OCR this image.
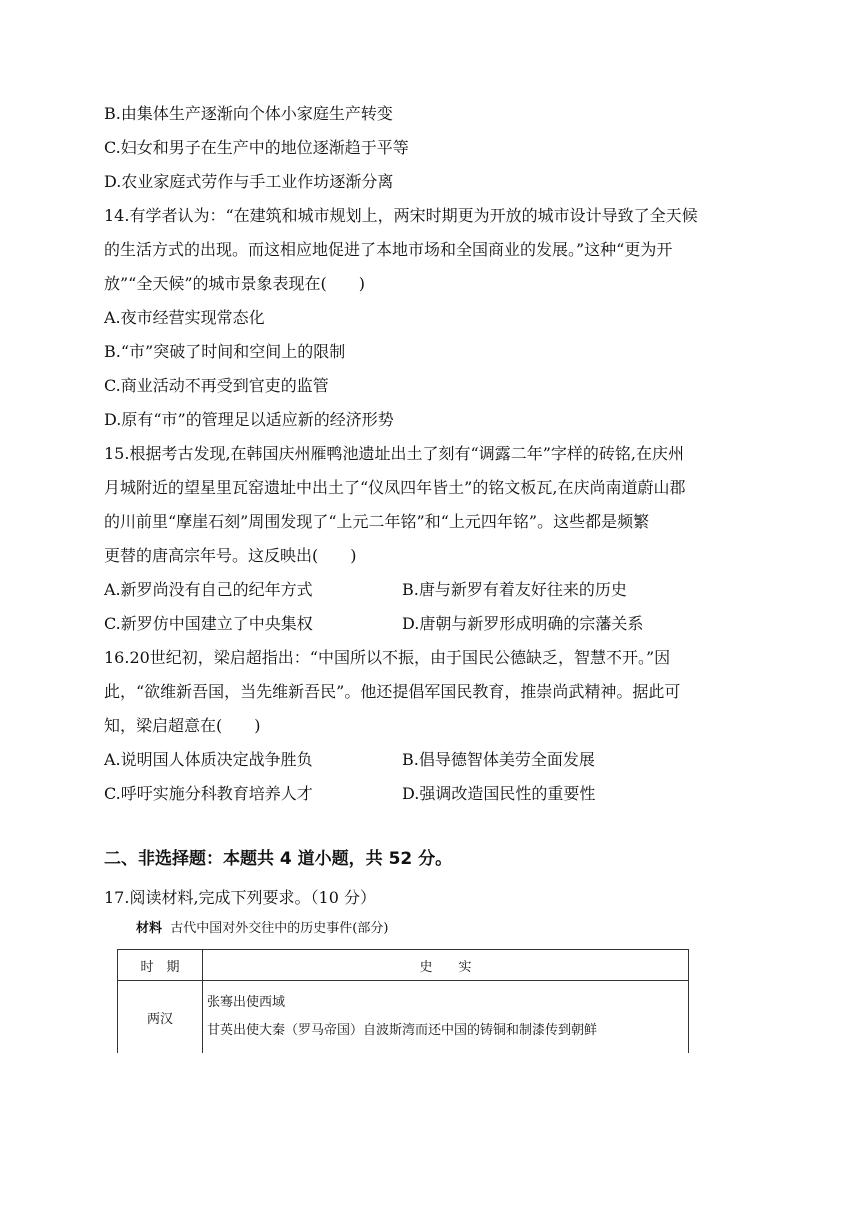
B.由集体生产逐渐向个体小家庭生产转变
C.妇女和男子在生产中的地位逐渐趋于平等
D.农业家庭式劳作与手工业作坊逐渐分离
14.有学者认为：“在建筑和城市规划上，两宋时期更为开放的城市设计导致了全天候
的生活方式的出现。而这相应地促进了本地市场和全国商业的发展。”这种“更为开
放”“全天候”的城市景象表现在(　　)
A.夜市经营实现常态化
B.“市”突破了时间和空间上的限制
C.商业活动不再受到官吏的监管
D.原有“市”的管理足以适应新的经济形势
15.根据考古发现,在韩国庆州雁鸭池遗址出土了刻有“调露二年”字样的砖铭,在庆州
月城附近的望星里瓦窑遗址中出土了“仪凤四年皆土”的铭文板瓦,在庆尚南道蔚山郡
的川前里“摩崖石刻”周围发现了“上元二年铭”和“上元四年铭”。这些都是频繁
更替的唐高宗年号。这反映出(　　)
A.新罗尚没有自己的纪年方式	B.唐与新罗有着友好往来的历史
C.新罗仿中国建立了中央集权	D.唐朝与新罗形成明确的宗藩关系
16.20世纪初，梁启超指出：“中国所以不振，由于国民公德缺乏，智慧不开。”因
此，“欲维新吾国，当先维新吾民”。他还提倡军国民教育，推崇尚武精神。据此可
知，梁启超意在(　　)
A.说明国人体质决定战争胜负	B.倡导德智体美劳全面发展
C.呼吁实施分科教育培养人才	D.强调改造国民性的重要性
二、非选择题：本题共 4 道小题，共 52 分。
17.阅读材料,完成下列要求。（10 分）
材料 古代中国对外交往中的历史事件(部分)
时　期	史　　实
两汉	张骞出使西域
甘英出使大秦（罗马帝国）自波斯湾而还中国的铸铜和制漆传到朝鲜
